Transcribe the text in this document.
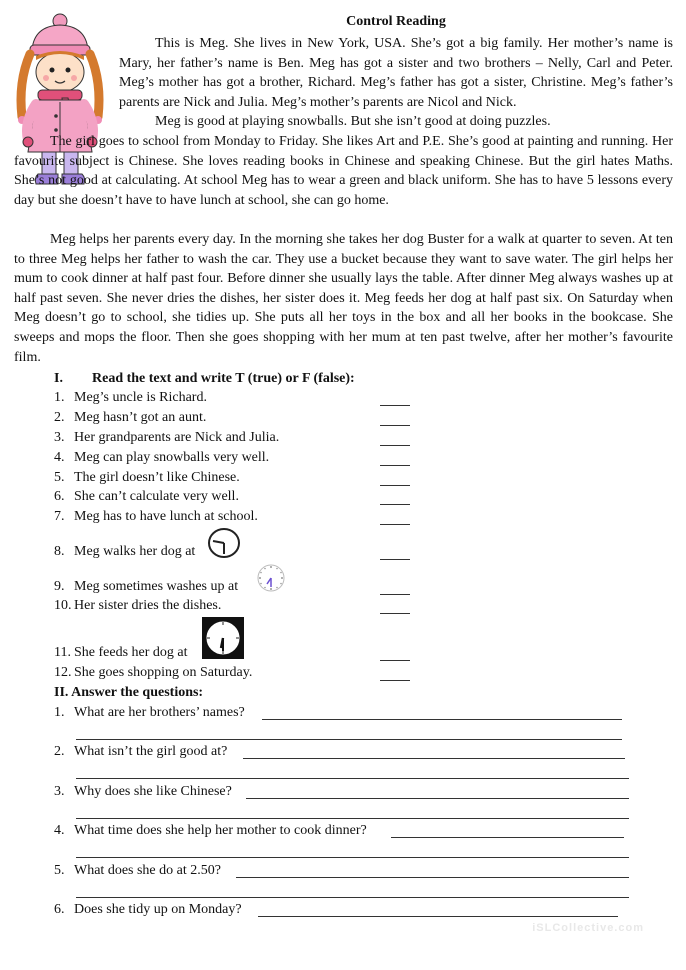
Control Reading

This is Meg. She lives in New York, USA. She’s got a big family. Her mother’s name is Mary, her father’s name is Ben. Meg has got a sister and two brothers – Nelly, Carl and Peter. Meg’s mother has got a brother, Richard. Meg’s father has got a sister, Christine. Meg’s father’s parents are Nick and Julia. Meg’s mother’s parents are Nicol and Nick.

Meg is good at playing snowballs. But she isn’t good at doing puzzles.

The girl goes to school from Monday to Friday. She likes Art and P.E. She’s good at painting and running. Her favourite subject is Chinese. She loves reading books in Chinese and speaking Chinese. But the girl hates Maths. She’s not good at calculating. At school Meg has to wear a green and black uniform. She has to have 5 lessons every day but she doesn’t have to have lunch at school, she can go home.

Meg helps her parents every day. In the morning she takes her dog Buster for a walk at quarter to seven. At ten to three Meg helps her father to wash the car. They use a bucket because they want to save water. The girl helps her mum to cook dinner at half past four. Before dinner she usually lays the table. After dinner Meg always washes up at half past seven. She never dries the dishes, her sister does it. Meg feeds her dog at half past six. On Saturday when Meg doesn’t go to school, she tidies up. She puts all her toys in the box and all her books in the bookcase. She sweeps and mops the floor. Then she goes shopping with her mum at ten past twelve, after her mother’s favourite film.

I. Read the text and write T (true) or F (false):
1. Meg’s uncle is Richard.
2. Meg hasn’t got an aunt.
3. Her grandparents are Nick and Julia.
4. Meg can play snowballs very well.
5. The girl doesn’t like Chinese.
6. She can’t calculate very well.
7. Meg has to have lunch at school.
8. Meg walks her dog at
9. Meg sometimes washes up at
10. Her sister dries the dishes.
11. She feeds her dog at
12. She goes shopping on Saturday.
II. Answer the questions:
1. What are her brothers’ names?
2. What isn’t the girl good at?
3. Why does she like Chinese?
4. What time does she help her mother to cook dinner?
5. What does she do at 2.50?
6. Does she tidy up on Monday?
iSLCollective.com
